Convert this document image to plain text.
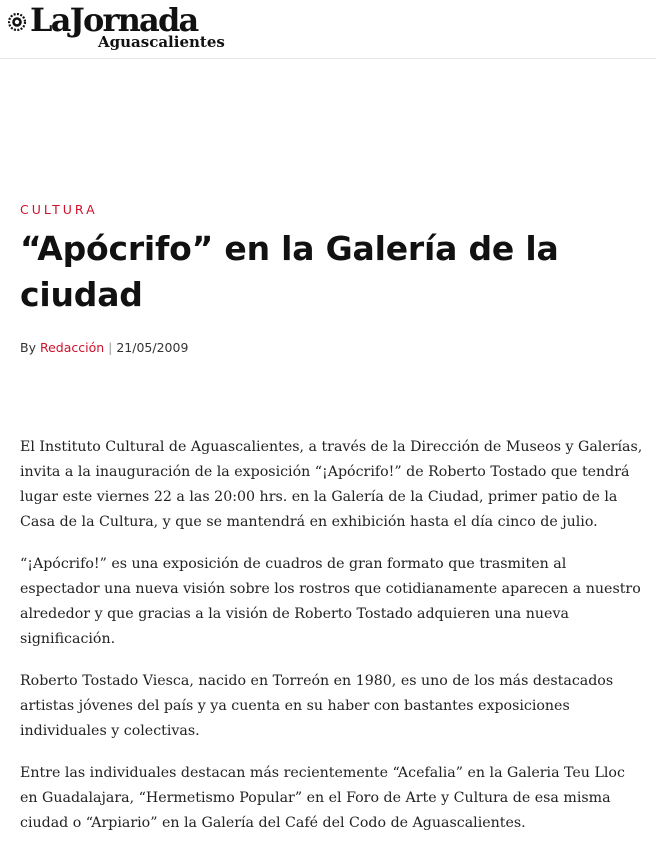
LaJornada
Aguascalientes
CULTURA
“Apócrifo” en la Galería de la ciudad
By Redacción | 21/05/2009

El Instituto Cultural de Aguascalientes, a través de la Dirección de Museos y Galerías, invita a la inauguración de la exposición “¡Apócrifo!” de Roberto Tostado que tendrá lugar este viernes 22 a las 20:00 hrs. en la Galería de la Ciudad, primer patio de la Casa de la Cultura, y que se mantendrá en exhibición hasta el día cinco de julio.

“¡Apócrifo!” es una exposición de cuadros de gran formato que trasmiten al espectador una nueva visión sobre los rostros que cotidianamente aparecen a nuestro alrededor y que gracias a la visión de Roberto Tostado adquieren una nueva significación.

Roberto Tostado Viesca, nacido en Torreón en 1980, es uno de los más destacados artistas jóvenes del país y ya cuenta en su haber con bastantes exposiciones individuales y colectivas.

Entre las individuales destacan más recientemente “Acefalia” en la Galeria Teu Lloc en Guadalajara, “Hermetismo Popular” en el Foro de Arte y Cultura de esa misma ciudad o “Arpiario” en la Galería del Café del Codo de Aguascalientes.
